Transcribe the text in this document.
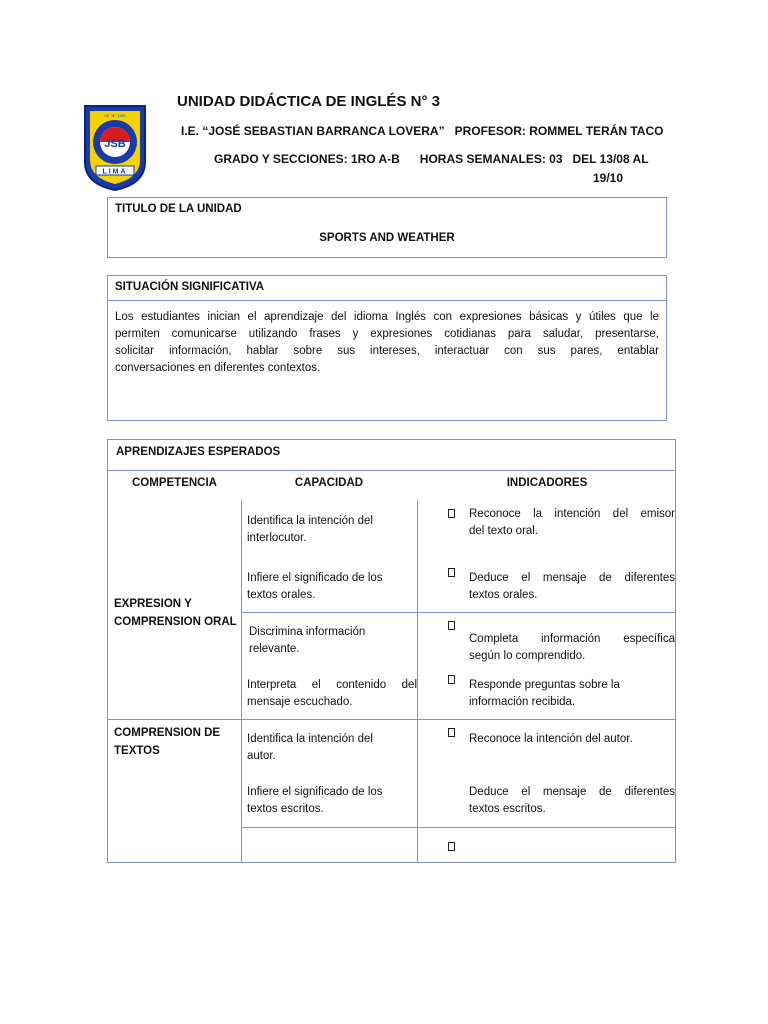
JSB
I.E. N° 1190
LIMA
UNIDAD DIDÁCTICA DE INGLÉS N° 3
I.E. “JOSÉ SEBASTIAN BARRANCA LOVERA”   PROFESOR: ROMMEL TERÁN TACO
GRADO Y SECCIONES: 1RO A-B      HORAS SEMANALES: 03   DEL 13/08 AL
19/10
TITULO DE LA UNIDAD
SPORTS AND WEATHER
SITUACIÓN SIGNIFICATIVA
Los estudiantes inician el aprendizaje del idioma Inglés con expresiones básicas y útiles que le
permiten comunicarse utilizando frases y expresiones cotidianas para saludar, presentarse,
solicitar información, hablar sobre sus intereses, interactuar con sus pares, entablar
conversaciones en diferentes contextos.
APRENDIZAJES ESPERADOS
COMPETENCIA	CAPACIDAD	INDICADORES
EXPRESION Y
COMPRENSION ORAL
COMPRENSION DE
TEXTOS
Identifica la intención del
interlocutor.
Infiere el significado de los
textos orales.
Discrimina información
relevante.
Interpreta el contenido del
mensaje escuchado.
Identifica la intención del
autor.
Infiere el significado de los
textos escritos.
Reconoce la intención del emisor
del texto oral.
Deduce el mensaje de diferentes
textos orales.
Completa información específica
según lo comprendido.
Responde preguntas sobre la
información recibida.
Reconoce la intención del autor.
Deduce el mensaje de diferentes
textos escritos.
